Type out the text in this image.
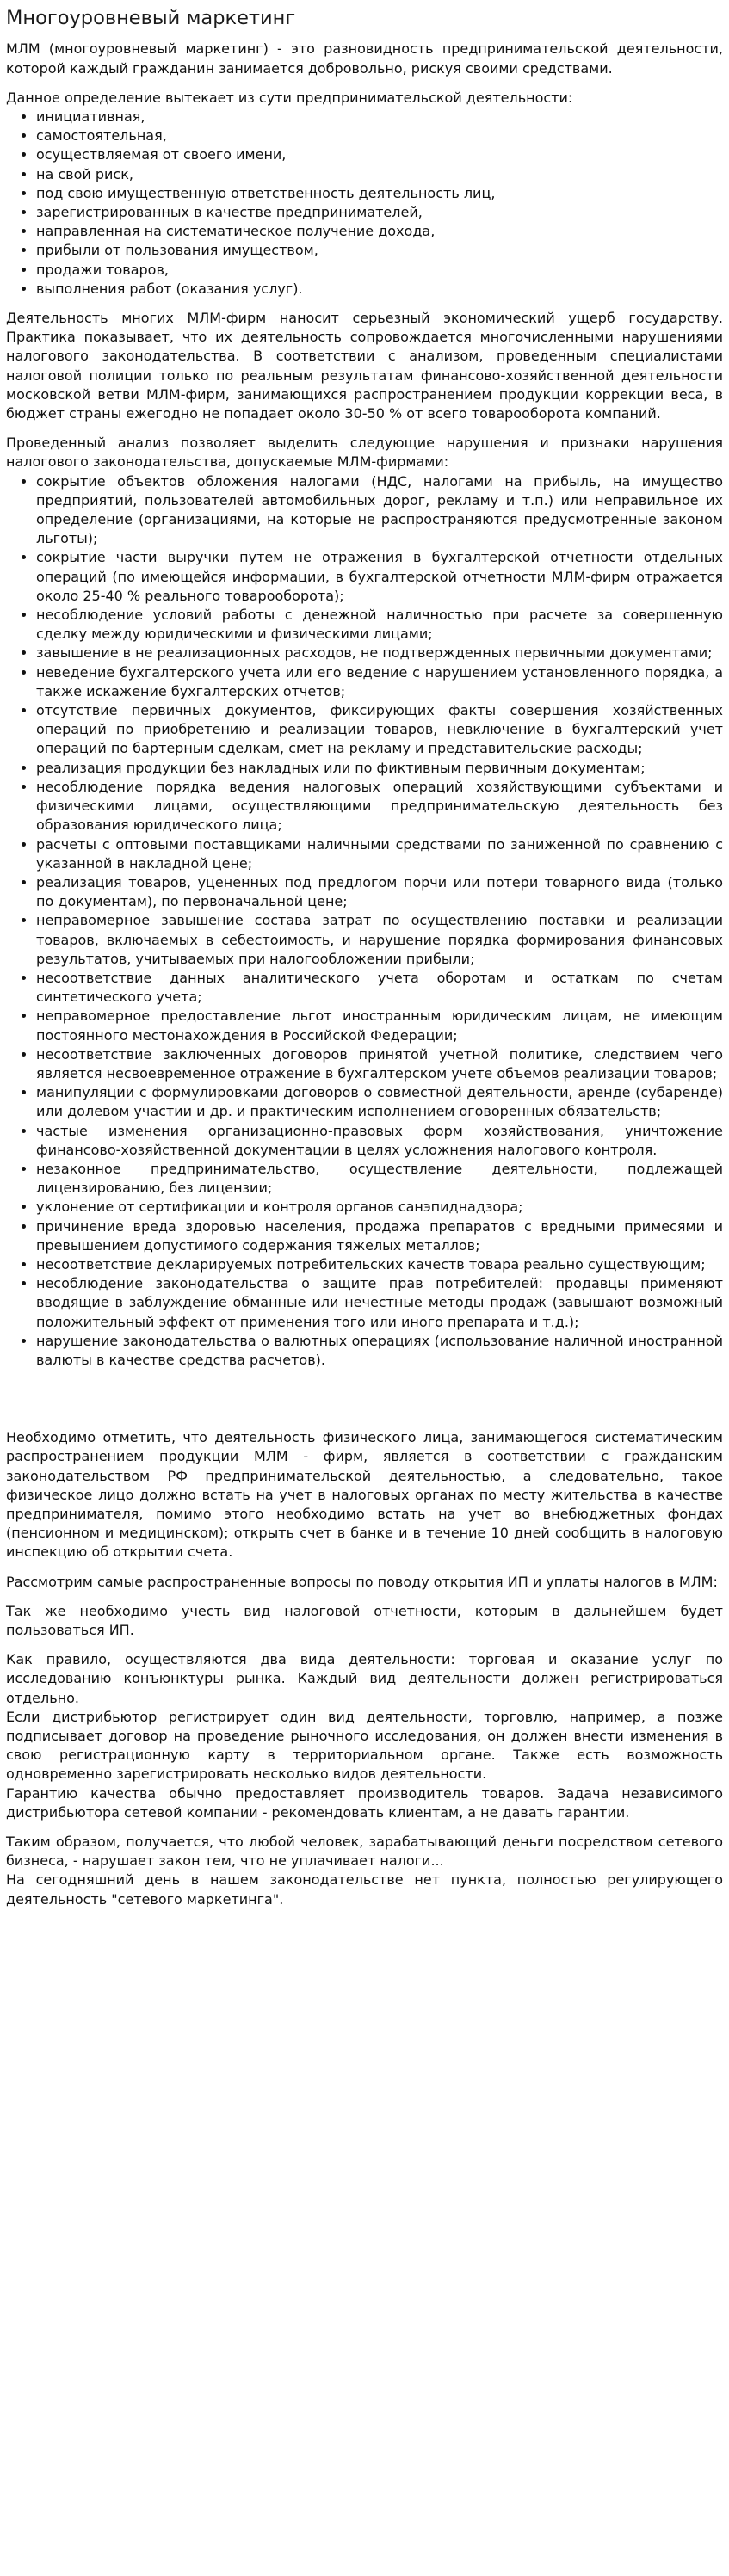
Многоуровневый маркетинг

МЛМ (многоуровневый маркетинг) - это разновидность предпринимательской деятельности, которой каждый гражданин занимается добровольно, рискуя своими средствами.

Данное определение вытекает из сути предпринимательской деятельности:

• инициативная,
• самостоятельная,
• осуществляемая от своего имени,
• на свой риск,
• под свою имущественную ответственность деятельность лиц,
• зарегистрированных в качестве предпринимателей,
• направленная на систематическое получение дохода,
• прибыли от пользования имуществом,
• продажи товаров,
• выполнения работ (оказания услуг).

Деятельность многих МЛМ-фирм наносит серьезный экономический ущерб государству. Практика показывает, что их деятельность сопровождается многочисленными нарушениями налогового законодательства. В соответствии с анализом, проведенным специалистами налоговой полиции только по реальным результатам финансово-хозяйственной деятельности московской ветви МЛМ-фирм, занимающихся распространением продукции коррекции веса, в бюджет страны ежегодно не попадает около 30-50 % от всего товарооборота компаний.

Проведенный анализ позволяет выделить следующие нарушения и признаки нарушения налогового законодательства, допускаемые МЛМ-фирмами:

• сокрытие объектов обложения налогами (НДС, налогами на прибыль, на имущество предприятий, пользователей автомобильных дорог, рекламу и т.п.) или неправильное их определение (организациями, на которые не распространяются предусмотренные законом льготы);
• сокрытие части выручки путем не отражения в бухгалтерской отчетности отдельных операций (по имеющейся информации, в бухгалтерской отчетности МЛМ-фирм отражается около 25-40 % реального товарооборота);
• несоблюдение условий работы с денежной наличностью при расчете за совершенную сделку между юридическими и физическими лицами;
• завышение в не реализационных расходов, не подтвержденных первичными документами;
• неведение бухгалтерского учета или его ведение с нарушением установленного порядка, а также искажение бухгалтерских отчетов;
• отсутствие первичных документов, фиксирующих факты совершения хозяйственных операций по приобретению и реализации товаров, невключение в бухгалтерский учет операций по бартерным сделкам, смет на рекламу и представительские расходы;
• реализация продукции без накладных или по фиктивным первичным документам;
• несоблюдение порядка ведения налоговых операций хозяйствующими субъектами и физическими лицами, осуществляющими предпринимательскую деятельность без образования юридического лица;
• расчеты с оптовыми поставщиками наличными средствами по заниженной по сравнению с указанной в накладной цене;
• реализация товаров, уцененных под предлогом порчи или потери товарного вида (только по документам), по первоначальной цене;
• неправомерное завышение состава затрат по осуществлению поставки и реализации товаров, включаемых в себестоимость, и нарушение порядка формирования финансовых результатов, учитываемых при налогообложении прибыли;
• несоответствие данных аналитического учета оборотам и остаткам по счетам синтетического учета;
• неправомерное предоставление льгот иностранным юридическим лицам, не имеющим постоянного местонахождения в Российской Федерации;
• несоответствие заключенных договоров принятой учетной политике, следствием чего является несвоевременное отражение в бухгалтерском учете объемов реализации товаров;
• манипуляции с формулировками договоров о совместной деятельности, аренде (субаренде) или долевом участии и др. и практическим исполнением оговоренных обязательств;
• частые изменения организационно-правовых форм хозяйствования, уничтожение финансово-хозяйственной документации в целях усложнения налогового контроля.
• незаконное предпринимательство, осуществление деятельности, подлежащей лицензированию, без лицензии;
• уклонение от сертификации и контроля органов санэпиднадзора;
• причинение вреда здоровью населения, продажа препаратов с вредными примесями и превышением допустимого содержания тяжелых металлов;
• несоответствие декларируемых потребительских качеств товара реально существующим;
• несоблюдение законодательства о защите прав потребителей: продавцы применяют вводящие в заблуждение обманные или нечестные методы продаж (завышают возможный положительный эффект от применения того или иного препарата и т.д.);
• нарушение законодательства о валютных операциях (использование наличной иностранной валюты в качестве средства расчетов).

Необходимо отметить, что деятельность физического лица, занимающегося систематическим распространением продукции МЛМ - фирм, является в соответствии с гражданским законодательством РФ предпринимательской деятельностью, а следовательно, такое физическое лицо должно встать на учет в налоговых органах по месту жительства в качестве предпринимателя, помимо этого необходимо встать на учет во внебюджетных фондах (пенсионном и медицинском); открыть счет в банке и в течение 10 дней сообщить в налоговую инспекцию об открытии счета.

Рассмотрим самые распространенные вопросы по поводу открытия ИП и уплаты налогов в МЛМ:

Так же необходимо учесть вид налоговой отчетности, которым в дальнейшем будет пользоваться ИП.

Как правило, осуществляются два вида деятельности: торговая и оказание услуг по исследованию конъюнктуры рынка. Каждый вид деятельности должен регистрироваться отдельно.

Если дистрибьютор регистрирует один вид деятельности, торговлю, например, а позже подписывает договор на проведение рыночного исследования, он должен внести изменения в свою регистрационную карту в территориальном органе. Также есть возможность одновременно зарегистрировать несколько видов деятельности.

Гарантию качества обычно предоставляет производитель товаров. Задача независимого дистрибьютора сетевой компании - рекомендовать клиентам, а не давать гарантии.

Таким образом, получается, что любой человек, зарабатывающий деньги посредством сетевого бизнеса, - нарушает закон тем, что не уплачивает налоги...

На сегодняшний день в нашем законодательстве нет пункта, полностью регулирующего деятельность "сетевого маркетинга".
